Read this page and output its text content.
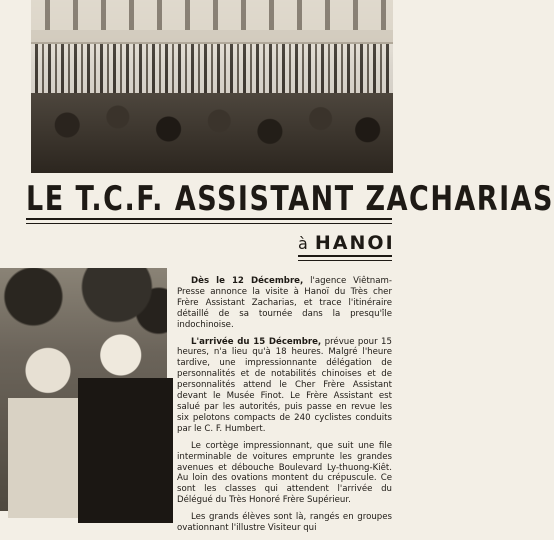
LE T.C.F. ASSISTANT ZACHARIAS
à HANOI

Dès le 12 Décembre, l'agence Viêtnam-Presse annonce la visite à Hanoï du Très cher Frère Assistant Zacharias, et trace l'itinéraire détaillé de sa tournée dans la presqu'île indochinoise.

L'arrivée du 15 Décembre, prévue pour 15 heures, n'a lieu qu'à 18 heures. Malgré l'heure tardive, une impressionnante délégation de personnalités et de notabilités chinoises et de personnalités attend le Cher Frère Assistant devant le Musée Finot. Le Frère Assistant est salué par les autorités, puis passe en revue les six pelotons compacts de 240 cyclistes conduits par le C. F. Humbert.

Le cortège impressionnant, que suit une file interminable de voitures emprunte les grandes avenues et débouche Boulevard Ly-thuong-Kiêt. Au loin des ovations montent du crépuscule. Ce sont les classes qui attendent l'arrivée du Délégué du Très Honoré Frère Supérieur.

Les grands élèves sont là, rangés en groupes ovationnant l'illustre Visiteur qui
